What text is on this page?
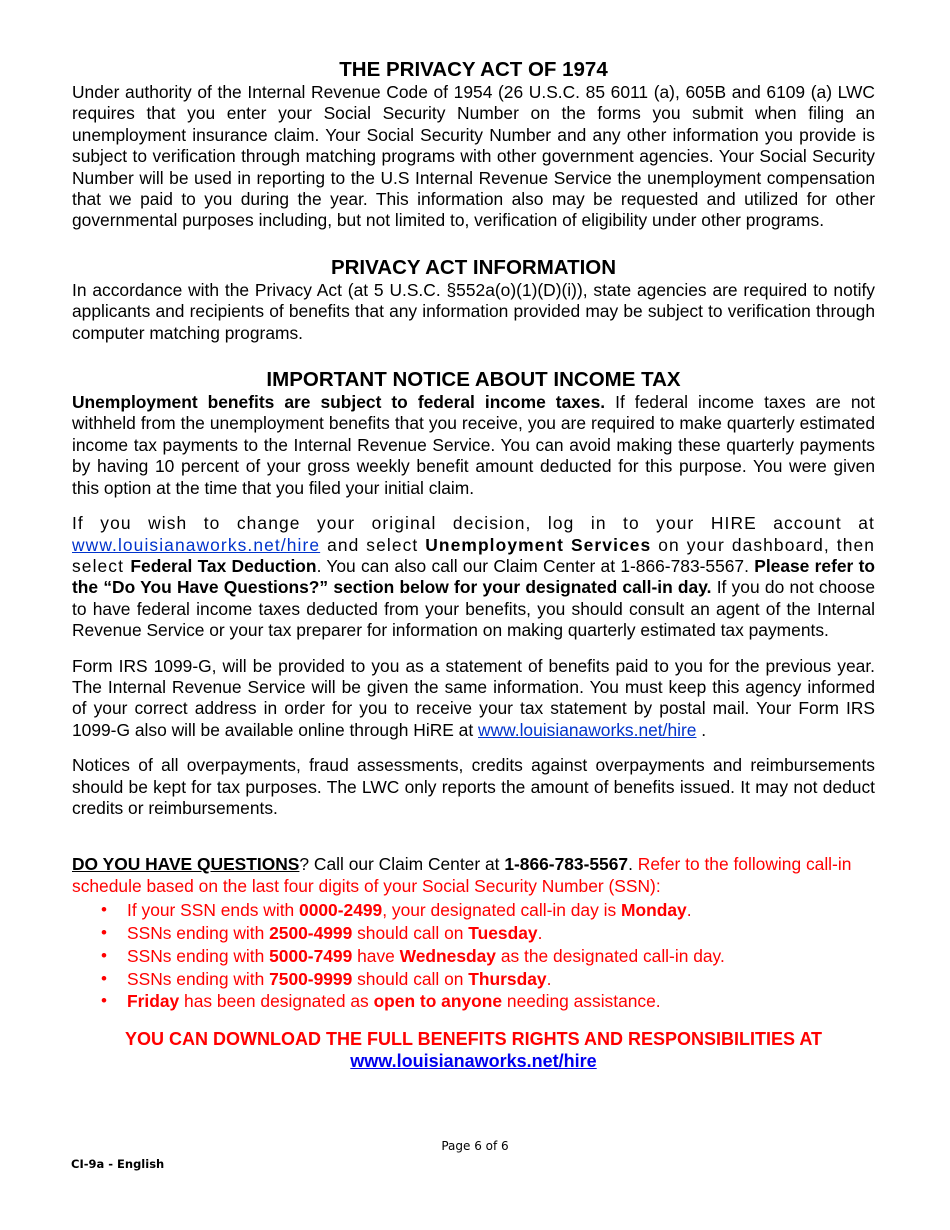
THE PRIVACY ACT OF 1974

Under authority of the Internal Revenue Code of 1954 (26 U.S.C. 85 6011 (a), 605B and 6109 (a) LWC requires that you enter your Social Security Number on the forms you submit when filing an unemployment insurance claim. Your Social Security Number and any other information you provide is subject to verification through matching programs with other government agencies. Your Social Security Number will be used in reporting to the U.S Internal Revenue Service the unemployment compensation that we paid to you during the year. This information also may be requested and utilized for other governmental purposes including, but not limited to, verification of eligibility under other programs.

PRIVACY ACT INFORMATION

In accordance with the Privacy Act (at 5 U.S.C. §552a(o)(1)(D)(i)), state agencies are required to notify applicants and recipients of benefits that any information provided may be subject to verification through computer matching programs.

IMPORTANT NOTICE ABOUT INCOME TAX

Unemployment benefits are subject to federal income taxes. If federal income taxes are not withheld from the unemployment benefits that you receive, you are required to make quarterly estimated income tax payments to the Internal Revenue Service. You can avoid making these quarterly payments by having 10 percent of your gross weekly benefit amount deducted for this purpose. You were given this option at the time that you filed your initial claim.

If you wish to change your original decision, log in to your HIRE account at www.louisianaworks.net/hire and select Unemployment Services on your dashboard, then select Federal Tax Deduction. You can also call our Claim Center at 1-866-783-5567. Please refer to the “Do You Have Questions?” section below for your designated call-in day. If you do not choose to have federal income taxes deducted from your benefits, you should consult an agent of the Internal Revenue Service or your tax preparer for information on making quarterly estimated tax payments.

Form IRS 1099-G, will be provided to you as a statement of benefits paid to you for the previous year. The Internal Revenue Service will be given the same information. You must keep this agency informed of your correct address in order for you to receive your tax statement by postal mail. Your Form IRS 1099-G also will be available online through HiRE at www.louisianaworks.net/hire .

Notices of all overpayments, fraud assessments, credits against overpayments and reimbursements should be kept for tax purposes. The LWC only reports the amount of benefits issued. It may not deduct credits or reimbursements.

DO YOU HAVE QUESTIONS? Call our Claim Center at 1-866-783-5567. Refer to the following call-in schedule based on the last four digits of your Social Security Number (SSN):

• If your SSN ends with 0000-2499, your designated call-in day is Monday.
• SSNs ending with 2500-4999 should call on Tuesday.
• SSNs ending with 5000-7499 have Wednesday as the designated call-in day.
• SSNs ending with 7500-9999 should call on Thursday.
• Friday has been designated as open to anyone needing assistance.
YOU CAN DOWNLOAD THE FULL BENEFITS RIGHTS AND RESPONSIBILITIES AT
www.louisianaworks.net/hire
Page 6 of 6
CI-9a - English
